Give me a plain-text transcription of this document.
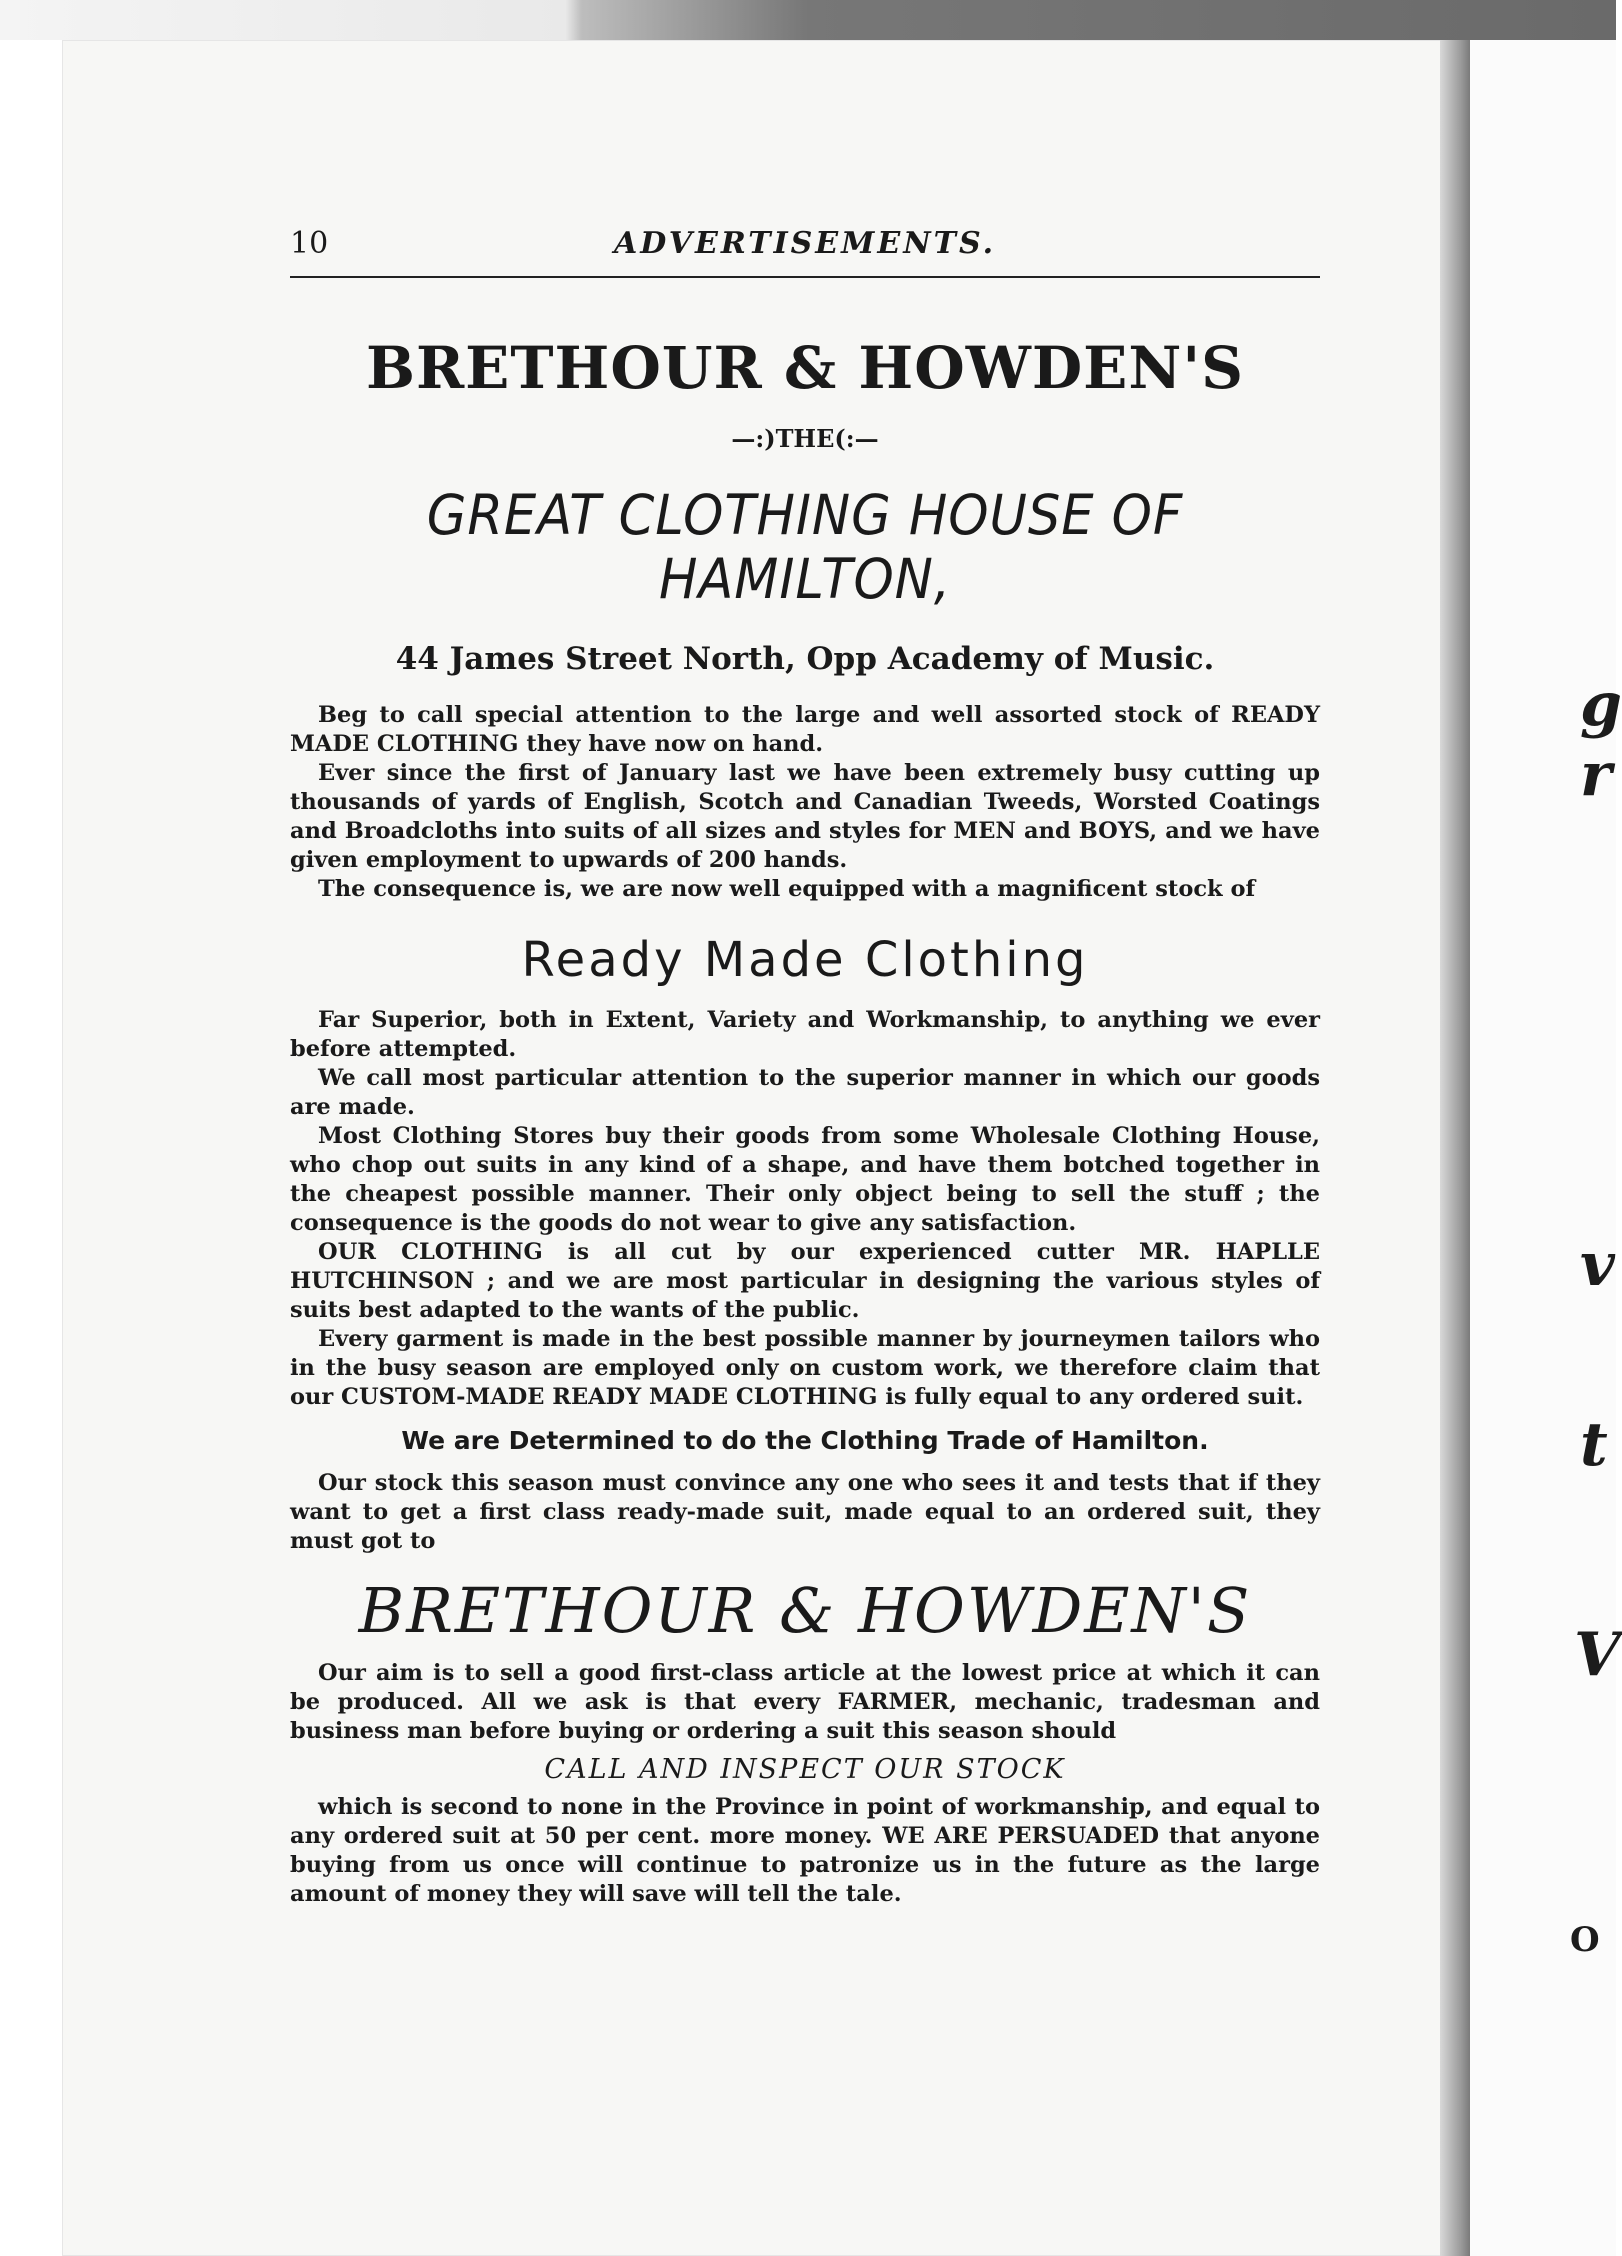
g
r
v
t
V
O
10	ADVERTISEMENTS.
BRETHOUR & HOWDEN'S
—:)THE(:—
GREAT CLOTHING HOUSE OF HAMILTON,
44 James Street North, Opp Academy of Music.

Beg to call special attention to the large and well assorted stock of READY MADE CLOTHING they have now on hand.

Ever since the first of January last we have been extremely busy cutting up thousands of yards of English, Scotch and Canadian Tweeds, Worsted Coatings and Broadcloths into suits of all sizes and styles for MEN and BOYS, and we have given employment to upwards of 200 hands.

The consequence is, we are now well equipped with a magnificent stock of

Ready Made Clothing

Far Superior, both in Extent, Variety and Workmanship, to anything we ever before attempted.

We call most particular attention to the superior manner in which our goods are made.

Most Clothing Stores buy their goods from some Wholesale Clothing House, who chop out suits in any kind of a shape, and have them botched together in the cheapest possible manner. Their only object being to sell the stuff ; the consequence is the goods do not wear to give any satisfaction.

OUR CLOTHING is all cut by our experienced cutter MR. HAPLLE HUTCHINSON ; and we are most particular in designing the various styles of suits best adapted to the wants of the public.

Every garment is made in the best possible manner by journeymen tailors who in the busy season are employed only on custom work, we therefore claim that our CUSTOM-MADE READY MADE CLOTHING is fully equal to any ordered suit.

We are Determined to do the Clothing Trade of Hamilton.

Our stock this season must convince any one who sees it and tests that if they want to get a first class ready-made suit, made equal to an ordered suit, they must got to

BRETHOUR & HOWDEN'S

Our aim is to sell a good first-class article at the lowest price at which it can be produced. All we ask is that every FARMER, mechanic, tradesman and business man before buying or ordering a suit this season should

CALL AND INSPECT OUR STOCK

which is second to none in the Province in point of workmanship, and equal to any ordered suit at 50 per cent. more money. WE ARE PERSUADED that anyone buying from us once will continue to patronize us in the future as the large amount of money they will save will tell the tale.
